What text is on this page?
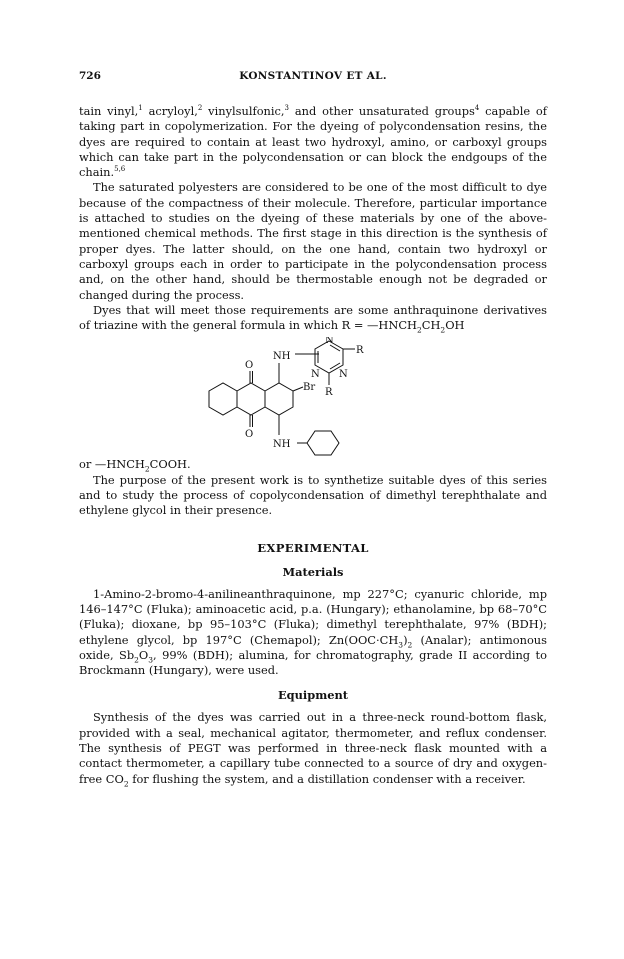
726	KONSTANTINOV ET AL.

tain vinyl,$^1$ acryloyl,$^2$ vinylsulfonic,$^3$ and other unsaturated groups$^4$ capable of taking part in copolymerization. For the dyeing of polycondensation resins, the dyes are required to contain at least two hydroxyl, amino, or carboxyl groups which can take part in the polycondensation or can block the endgoups of the chain.$^{5,6}$

The saturated polyesters are considered to be one of the most difficult to dye because of the compactness of their molecule. Therefore, particular importance is attached to studies on the dyeing of these materials by one of the above-mentioned chemical methods. The first stage in this direction is the synthesis of proper dyes. The latter should, on the one hand, contain two hydroxyl or carboxyl groups each in order to participate in the polycondensation process and, on the other hand, should be thermostable enough not be degraded or changed during the process.

Dyes that will meet those requirements are some anthraquinone derivatives of triazine with the general formula in which $R = —HNCH_2CH_2OH$

O
O
NH
NH
Br
N
N N
R
R

or $—HNCH_2COOH$.

The purpose of the present work is to synthetize suitable dyes of this series and to study the process of copolycondensation of dimethyl terephthalate and ethylene glycol in their presence.

EXPERIMENTAL
Materials

1-Amino-2-bromo-4-anilineanthraquinone, mp 227°C; cyanuric chloride, mp 146–147°C (Fluka); aminoacetic acid, p.a. (Hungary); ethanolamine, bp 68–70°C (Fluka); dioxane, bp 95–103°C (Fluka); dimethyl terephthalate, 97% (BDH); ethylene glycol, bp 197°C (Chemapol); $Zn(OOC\cdot CH_3)_2$ (Analar); antimonous oxide, $Sb_2O_3$, 99% (BDH); alumina, for chromatography, grade II according to Brockmann (Hungary), were used.

Equipment

Synthesis of the dyes was carried out in a three-neck round-bottom flask, provided with a seal, mechanical agitator, thermometer, and reflux condenser. The synthesis of PEGT was performed in three-neck flask mounted with a contact thermometer, a capillary tube connected to a source of dry and oxygen-free $CO_2$ for flushing the system, and a distillation condenser with a receiver.
